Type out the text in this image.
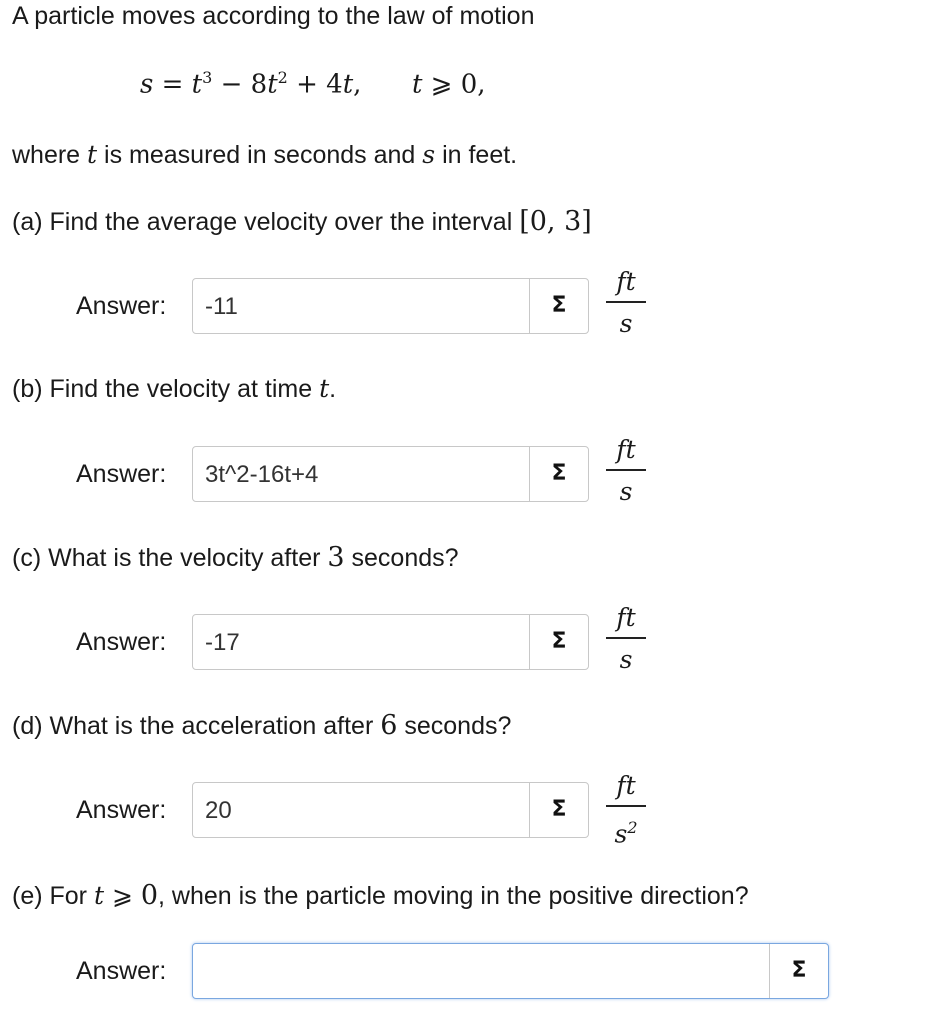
A particle moves according to the law of motion
$s = t^3 - 8t^2 + 4t$, t ⩾ 0,
where t is measured in seconds and s in feet.
(a) Find the average velocity over the interval [0, 3]
Answer: -11	Σ
ft
s
(b) Find the velocity at time t.
Answer: 3t^2-16t+4	Σ
ft
s
(c) What is the velocity after 3 seconds?
Answer: -17	Σ
ft
s
(d) What is the acceleration after 6 seconds?
Answer: 20	Σ
ft
$s^2$
(e) For t ⩾ 0, when is the particle moving in the positive direction?
Answer:	Σ
